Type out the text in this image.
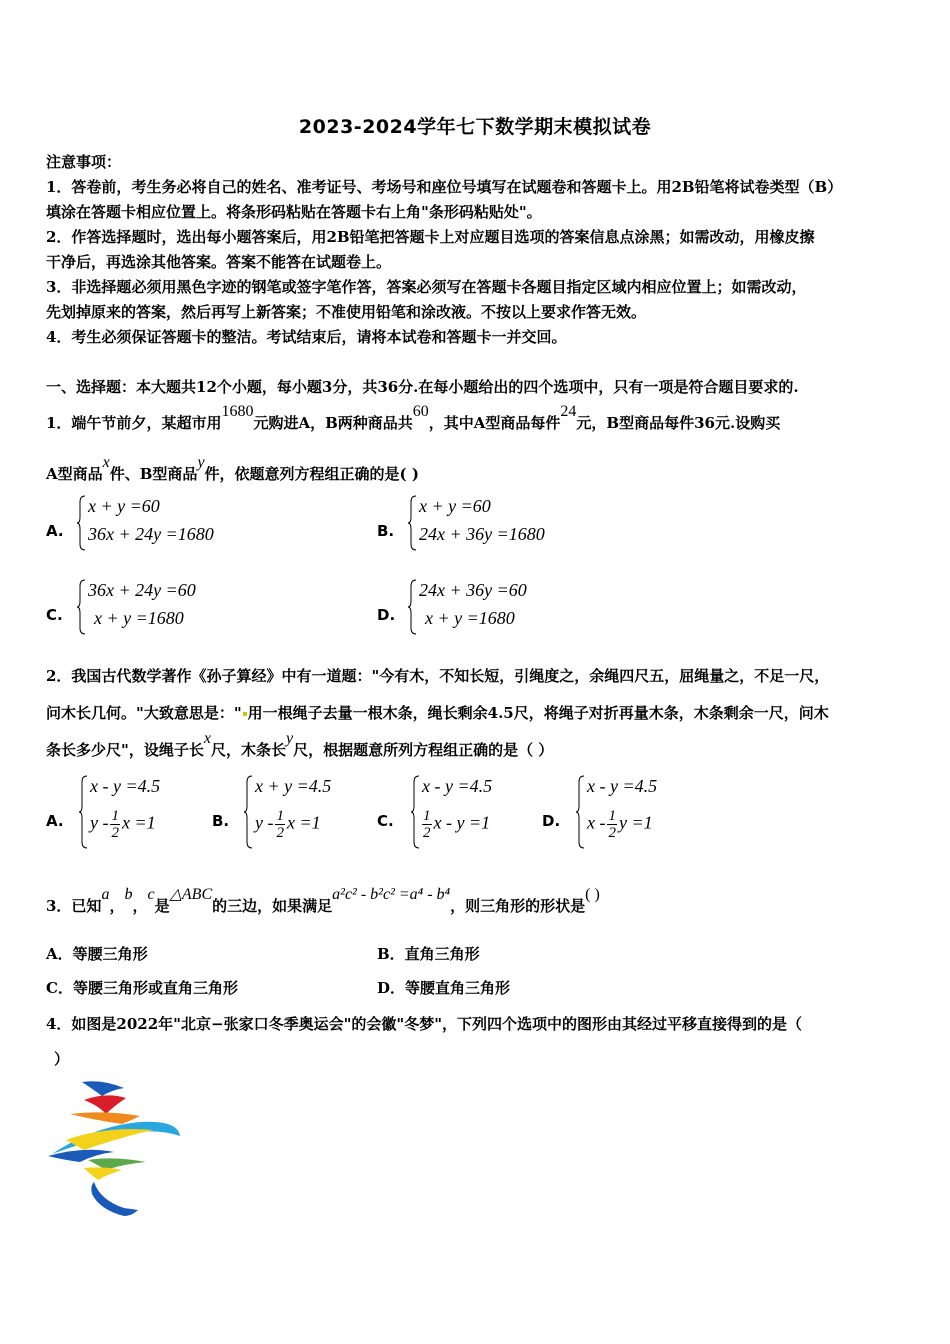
2023-2024学年七下数学期末模拟试卷
注意事项：
1．答卷前，考生务必将自己的姓名、准考证号、考场号和座位号填写在试题卷和答题卡上。用2B铅笔将试卷类型（B）
填涂在答题卡相应位置上。将条形码粘贴在答题卡右上角"条形码粘贴处"。
2．作答选择题时，选出每小题答案后，用2B铅笔把答题卡上对应题目选项的答案信息点涂黑；如需改动，用橡皮擦
干净后，再选涂其他答案。答案不能答在试题卷上。
3．非选择题必须用黑色字迹的钢笔或签字笔作答，答案必须写在答题卡各题目指定区域内相应位置上；如需改动，
先划掉原来的答案，然后再写上新答案；不准使用铅笔和涂改液。不按以上要求作答无效。
4．考生必须保证答题卡的整洁。考试结束后，请将本试卷和答题卡一并交回。
一、选择题：本大题共12个小题，每小题3分，共36分.在每小题给出的四个选项中，只有一项是符合题目要求的.
1．端午节前夕，某超市用1680元购进A，B两种商品共60，其中A型商品每件24元，B型商品每件36元.设购买
A型商品x件、B型商品y件，依题意列方程组正确的是( )
A.
x + y =60
36x + 24y =1680	B.
x + y =60
24x + 36y =1680
C.
36x + 24y =60
x + y =1680	D.
24x + 36y =60
x + y =1680
2．我国古代数学著作《孙子算经》中有一道题："今有木，不知长短，引绳度之，余绳四尺五，屈绳量之，不足一尺，
问木长几何。"大致意思是：" 用一根绳子去量一根木条，绳长剩余4.5尺，将绳子对折再量木条，木条剩余一尺，问木
条长多少尺"，设绳子长x尺，木条长y尺，根据题意所列方程组正确的是（ ）
A.
x - y =4.5
y - $\frac{1}{2}$ x =1	B.
x + y =4.5
y - $\frac{1}{2}$ x =1	C.
x - y =4.5
$\frac{1}{2}$ x - y =1	D.
x - y =4.5
x - $\frac{1}{2}$ y =1
3．已知a，b，c是△ABC的三边，如果满足a²c² - b²c² =a⁴ - b⁴，则三角形的形状是( )
A．等腰三角形	B．直角三角形
C．等腰三角形或直角三角形	D．等腰直角三角形
4．如图是2022年"北京−张家口冬季奥运会"的会徽"冬梦"，下列四个选项中的图形由其经过平移直接得到的是（
）
